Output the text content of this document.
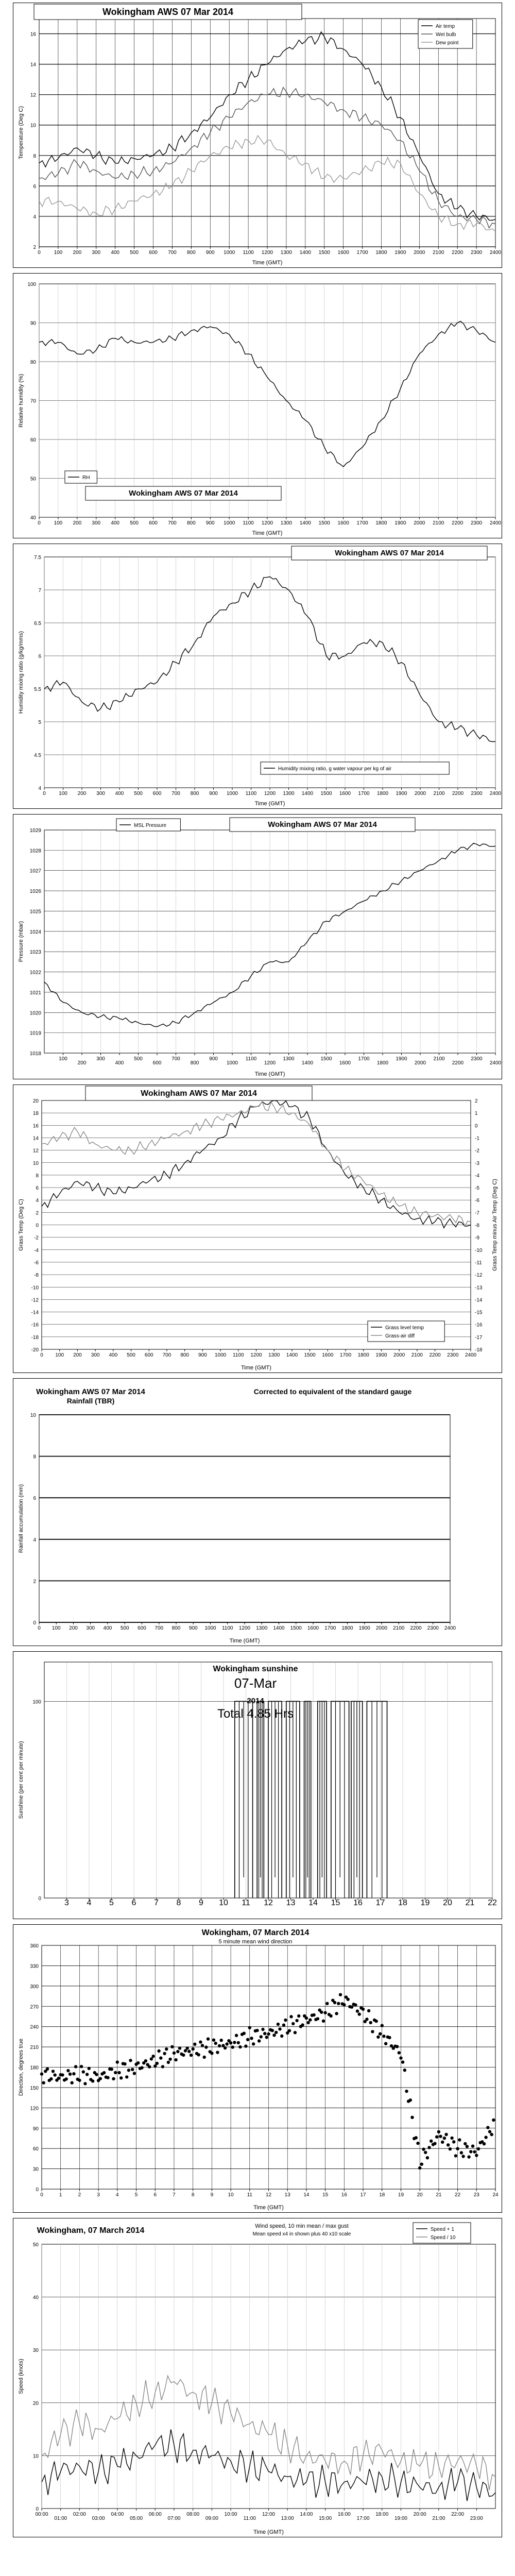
2
4
6
8
10
12
14
16
0	100 200 300 400 500 600 700 800 900 1000 1100 1200 1300 1400 1500 1600 1700 1800 1900 2000 2100 2200 2300 2400
Time (GMT)
Temperature (Deg C)
Wokingham AWS 07 Mar 2014
Air temp
Wet bulb
Dew point
40
50
60
70
80
90
100
0	100 200 300 400 500 600 700 800 900 1000 1100 1200 1300 1400 1500 1600 1700 1800 1900 2000 2100 2200 2300 2400
Time (GMT)
Relative humidity (%)
RH
Wokingham AWS 07 Mar 2014
4
4.5
5
5.5
6
6.5
7
7.5
0	100 200 300 400 500 600 700 800 900 1000 1100 1200 1300 1400 1500 1600 1700 1800 1900 2000 2100 2200 2300 2400
Time (GMT)
Humidity mixing ratio (g/kg/mms)
Wokingham AWS 07 Mar 2014
Humidity mixing ratio, g water vapour per kg of air
1018
1019
1020
1021
1022
1023
1024
1025
1026
1027
1028
1029
100
200
300
400
500
600
700
800
900
1000
1100
1200
1300
1400
1500
1600
1700
1800
1900
2000
2100
2200
2300
2400
Time (GMT)
Pressure (mbar)
MSL Pressure	Wokingham AWS 07 Mar 2014
-20
-18
-16
-14
-12
-10
-8
-6
-4
-2
0
2
4
6
8
10
12
14
16
18
20
0 100 200 300 400 500 600 700 800 900 1000 1100 1200 1300 1400 1500 1600 1700 1800 1900 2000 2100 2200 2300 2400
Time (GMT)
Grass Temp (Deg C)
-18
-17
-16
-15
-14
-13
-12
-11
-10
-9
-8
-7
-6
-5
-4
-3
-2
-1
0
1
2
Grass Temp minus Air Temp (Deg C)
Wokingham AWS 07 Mar 2014
Grass level temp
Grass-air diff
0
2
4
6
8
10
0 100 200 300 400 500 600 700 800 900 1000 1100 1200 1300 1400 1500 1600 1700 1800 1900 2000 2100 2200 2300 2400
Time (GMT)
Rainfall accumulation (mm)
Wokingham AWS 07 Mar 2014
Rainfall (TBR)
Corrected to equivalent of the standard gauge
0
100
3 4 5 6 7 8 9 10 11 12 13 14 15 16 17 18 19 20 21 22
Sunshine (per cent per minute)
Wokingham sunshine
07-Mar
2014
Total 4.85 Hrs
0
30
60
90
120
150
180
210
240
270
300
330
360
0	1	2	3	4	5	6	7	8	9	10	11	12	13	14	15	16	17	18	19	20	21	22	23	24
Time (GMT)
Direction, degrees true
Wokingham, 07 March 2014
5 minute mean wind direction
0
10
20
30
40
50
00:00
01:00
02:00
03:00
04:00
05:00
06:00
07:00
08:00
09:00
10:00
11:00
12:00
13:00
14:00
15:00
16:00
17:00
18:00
19:00
20:00
21:00
22:00
23:00
Time (GMT)
Speed (knots)
Wokingham, 07 March 2014	Wind speed, 10 min mean / max gust
Mean speed x4 in shown plus 40 x10 scale
Speed + 1
Speed / 10
